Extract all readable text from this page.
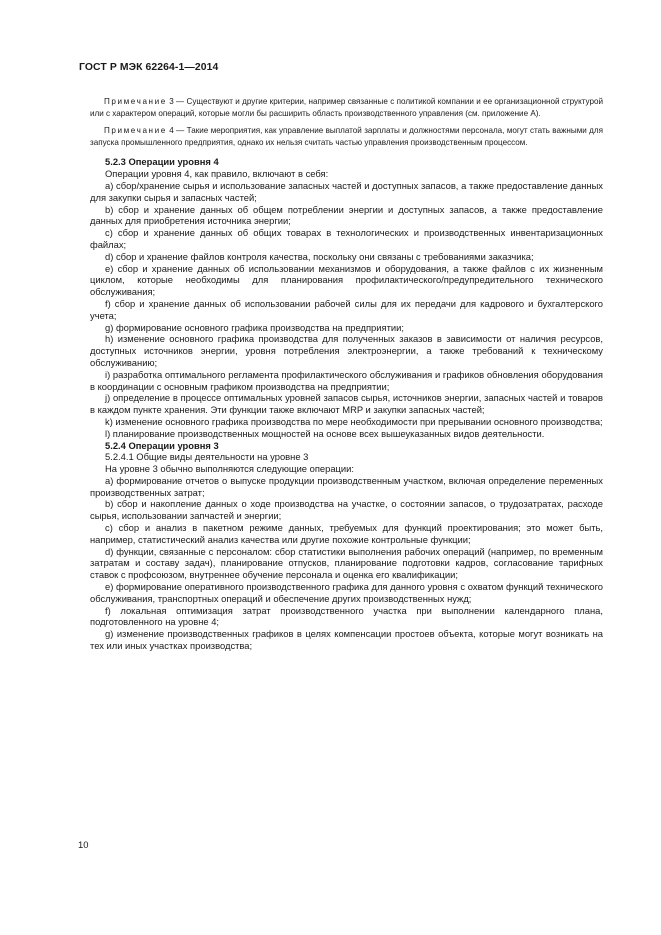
ГОСТ Р МЭК 62264-1—2014

Примечание 3 — Существуют и другие критерии, например связанные с политикой компании и ее организационной структурой или с характером операций, которые могли бы расширить область производственного управления (см. приложение А).

Примечание 4 — Такие мероприятия, как управление выплатой зарплаты и должностями персонала, могут стать важными для запуска промышленного предприятия, однако их нельзя считать частью управления производственным процессом.

5.2.3 Операции уровня 4

Операции уровня 4, как правило, включают в себя:

a) сбор/хранение сырья и использование запасных частей и доступных запасов, а также предоставление данных для закупки сырья и запасных частей;

b) сбор и хранение данных об общем потреблении энергии и доступных запасов, а также предоставление данных для приобретения источника энергии;

c) сбор и хранение данных об общих товарах в технологических и производственных инвентаризационных файлах;

d) сбор и хранение файлов контроля качества, поскольку они связаны с требованиями заказчика;

e) сбор и хранение данных об использовании механизмов и оборудования, а также файлов с их жизненным циклом, которые необходимы для планирования профилактического/предупредительного технического обслуживания;

f) сбор и хранение данных об использовании рабочей силы для их передачи для кадрового и бухгалтерского учета;

g) формирование основного графика производства на предприятии;

h) изменение основного графика производства для полученных заказов в зависимости от наличия ресурсов, доступных источников энергии, уровня потребления электроэнергии, а также требований к техническому обслуживанию;

i) разработка оптимального регламента профилактического обслуживания и графиков обновления оборудования в координации с основным графиком производства на предприятии;

j) определение в процессе оптимальных уровней запасов сырья, источников энергии, запасных частей и товаров в каждом пункте хранения. Эти функции также включают MRP и закупки запасных частей;

k) изменение основного графика производства по мере необходимости при прерывании основного производства;

l) планирование производственных мощностей на основе всех вышеуказанных видов деятельности.

5.2.4 Операции уровня 3

5.2.4.1 Общие виды деятельности на уровне 3

На уровне 3 обычно выполняются следующие операции:

a) формирование отчетов о выпуске продукции производственным участком, включая определение переменных производственных затрат;

b) сбор и накопление данных о ходе производства на участке, о состоянии запасов, о трудозатратах, расходе сырья, использовании запчастей и энергии;

c) сбор и анализ в пакетном режиме данных, требуемых для функций проектирования; это может быть, например, статистический анализ качества или другие похожие контрольные функции;

d) функции, связанные с персоналом: сбор статистики выполнения рабочих операций (например, по временным затратам и составу задач), планирование отпусков, планирование подготовки кадров, согласование тарифных ставок с профсоюзом, внутреннее обучение персонала и оценка его квалификации;

e) формирование оперативного производственного графика для данного уровня с охватом функций технического обслуживания, транспортных операций и обеспечение других производственных нужд;

f) локальная оптимизация затрат производственного участка при выполнении календарного плана, подготовленного на уровне 4;

g) изменение производственных графиков в целях компенсации простоев объекта, которые могут возникать на тех или иных участках производства;

10
